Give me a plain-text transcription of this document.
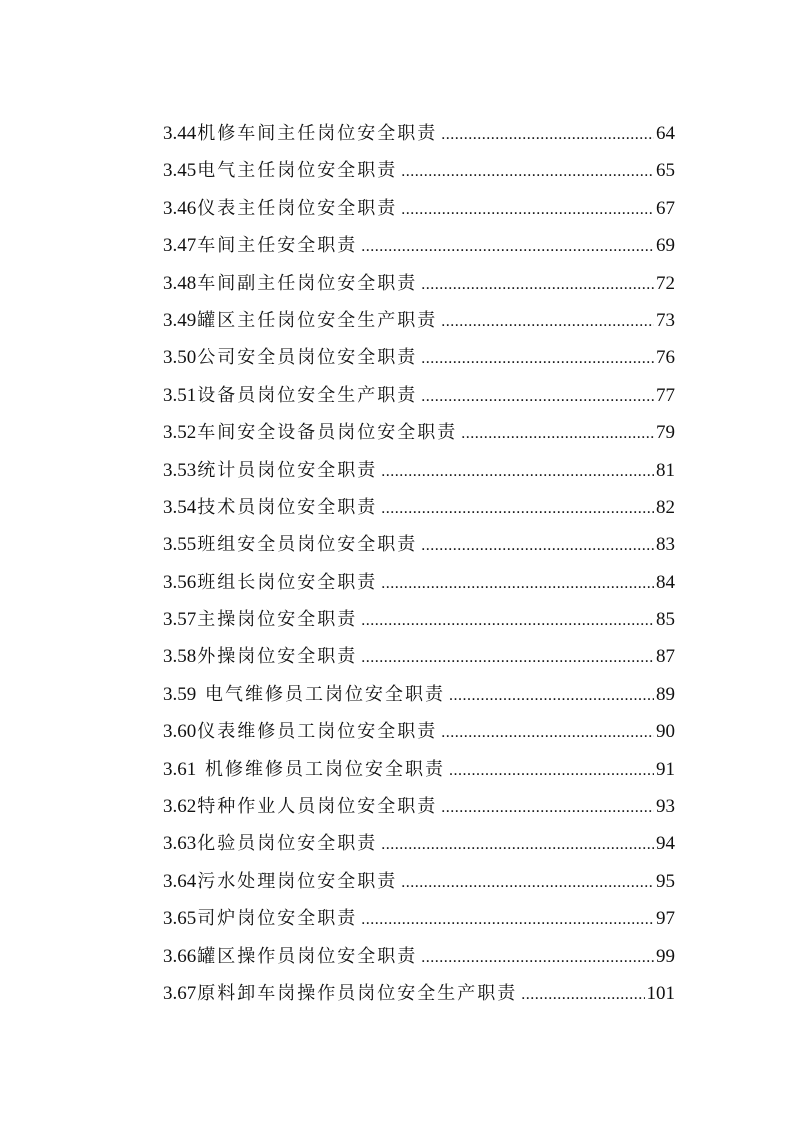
3.44 机修车间主任岗位安全职责 .....	64
3.45 电气主任岗位安全职责 .....	65
3.46 仪表主任岗位安全职责 .....	67
3.47 车间主任安全职责 .....	69
3.48 车间副主任岗位安全职责 .....	72
3.49 罐区主任岗位安全生产职责 .....	73
3.50 公司安全员岗位安全职责 .....	76
3.51 设备员岗位安全生产职责 .....	77
3.52 车间安全设备员岗位安全职责 .....	79
3.53 统计员岗位安全职责 .....	81
3.54 技术员岗位安全职责 .....	82
3.55 班组安全员岗位安全职责 .....	83
3.56 班组长岗位安全职责 .....	84
3.57 主操岗位安全职责 .....	85
3.58 外操岗位安全职责 .....	87
3.59 电气维修员工岗位安全职责 .....	89
3.60 仪表维修员工岗位安全职责 .....	90
3.61 机修维修员工岗位安全职责 .....	91
3.62 特种作业人员岗位安全职责 .....	93
3.63 化验员岗位安全职责 .....	94
3.64 污水处理岗位安全职责 .....	95
3.65 司炉岗位安全职责 .....	97
3.66 罐区操作员岗位安全职责 .....	99
3.67 原料卸车岗操作员岗位安全生产职责 .....	101
